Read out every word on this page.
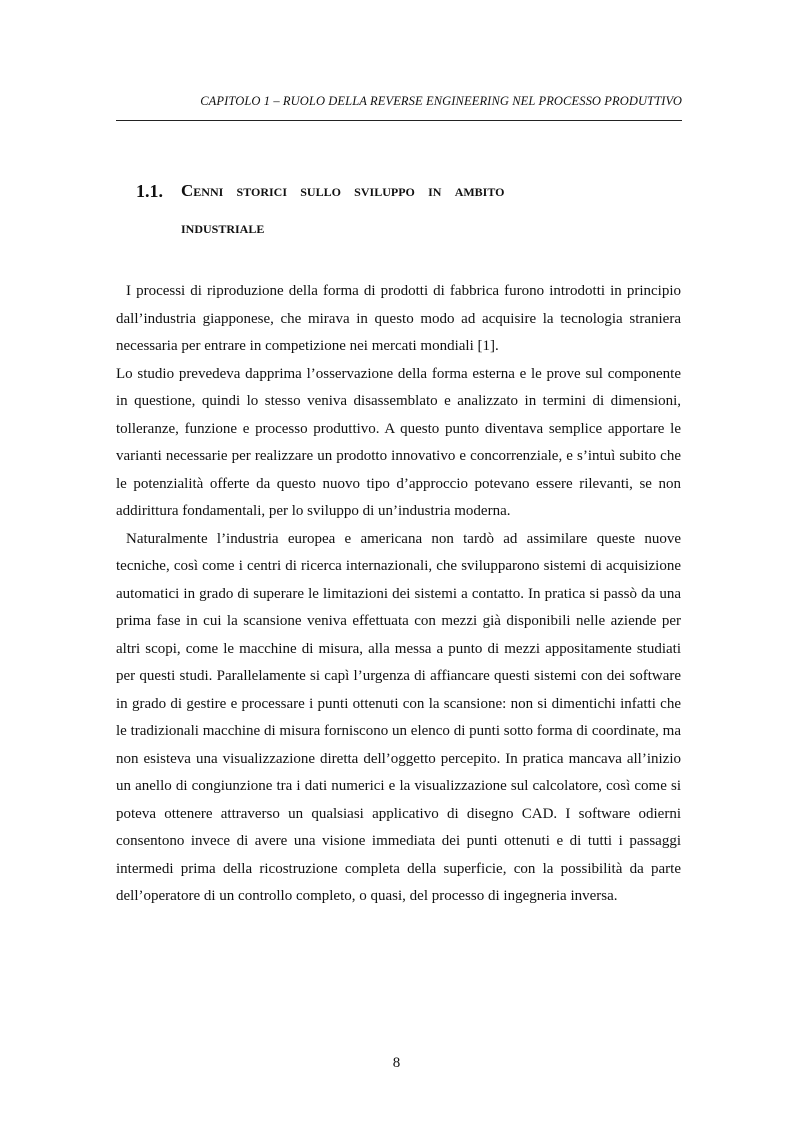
CAPITOLO 1 – RUOLO DELLA REVERSE ENGINEERING NEL PROCESSO PRODUTTIVO
1.1. Cenni storici sullo sviluppo in ambito
industriale

I processi di riproduzione della forma di prodotti di fabbrica furono introdotti in principio dall’industria giapponese, che mirava in questo modo ad acquisire la tecnologia straniera necessaria per entrare in competizione nei mercati mondiali [1].

Lo studio prevedeva dapprima l’osservazione della forma esterna e le prove sul componente in questione, quindi lo stesso veniva disassemblato e analizzato in termini di dimensioni, tolleranze, funzione e processo produttivo. A questo punto diventava semplice apportare le varianti necessarie per realizzare un prodotto innovativo e concorrenziale, e s’intuì subito che le potenzialità offerte da questo nuovo tipo d’approccio potevano essere rilevanti, se non addirittura fondamentali, per lo sviluppo di un’industria moderna.

Naturalmente l’industria europea e americana non tardò ad assimilare queste nuove tecniche, così come i centri di ricerca internazionali, che svilupparono sistemi di acquisizione automatici in grado di superare le limitazioni dei sistemi a contatto. In pratica si passò da una prima fase in cui la scansione veniva effettuata con mezzi già disponibili nelle aziende per altri scopi, come le macchine di misura, alla messa a punto di mezzi appositamente studiati per questi studi. Parallelamente si capì l’urgenza di affiancare questi sistemi con dei software in grado di gestire e processare i punti ottenuti con la scansione: non si dimentichi infatti che le tradizionali macchine di misura forniscono un elenco di punti sotto forma di coordinate, ma non esisteva una visualizzazione diretta dell’oggetto percepito. In pratica mancava all’inizio un anello di congiunzione tra i dati numerici e la visualizzazione sul calcolatore, così come si poteva ottenere attraverso un qualsiasi applicativo di disegno CAD. I software odierni consentono invece di avere una visione immediata dei punti ottenuti e di tutti i passaggi intermedi prima della ricostruzione completa della superficie, con la possibilità da parte dell’operatore di un controllo completo, o quasi, del processo di ingegneria inversa.

8
